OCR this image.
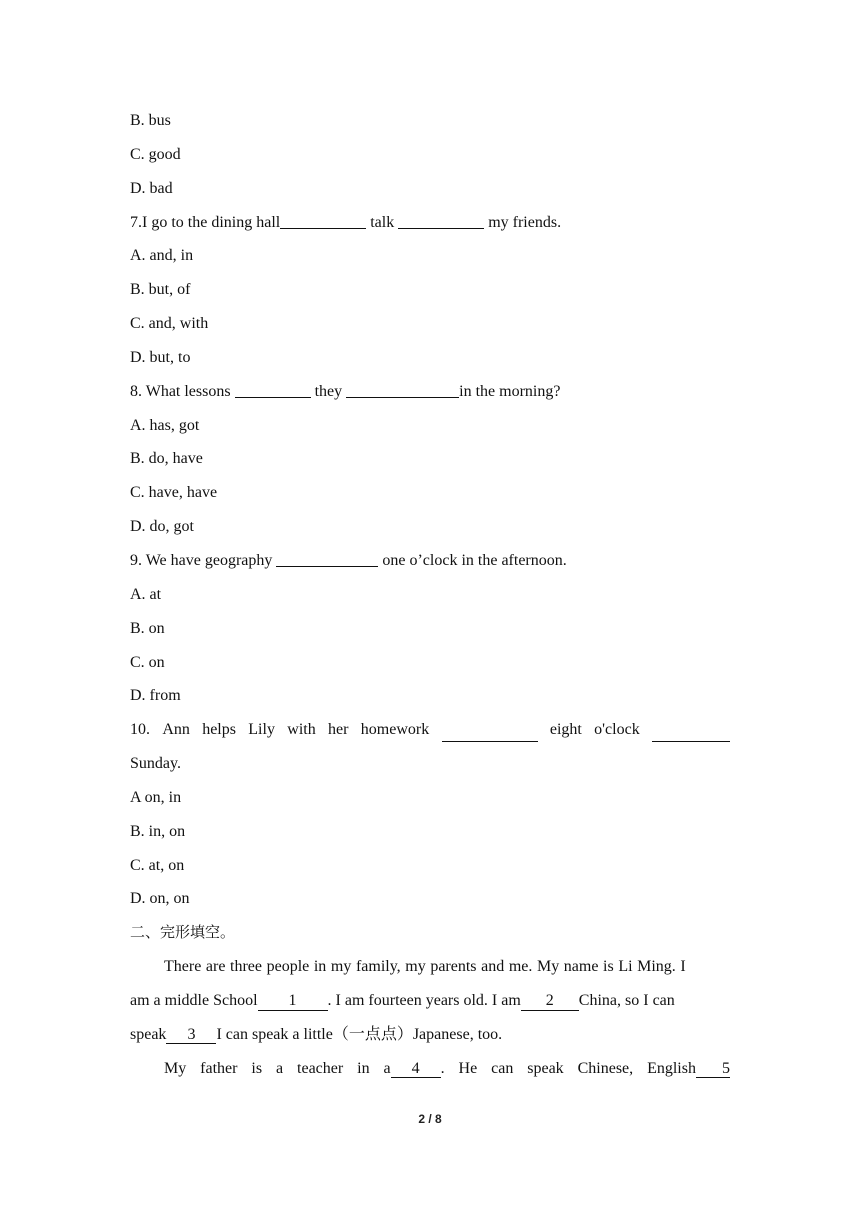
B. bus
C. good
D. bad
7.I go to the dining hall	talk	my friends.
A. and, in
B. but, of
C. and, with
D. but, to
8. What lessons	they	in the morning?
A. has, got
B. do, have
C. have, have
D. do, got
9. We have geography	one o’clock in the afternoon.
A. at
B. on
C. on
D. from
10. Ann helps Lily with her homework	eight o'clock
Sunday.
A on, in
B. in, on
C. at, on
D. on, on
二、完形填空。
There are three people in my family, my parents and me. My name is Li Ming. I
am a middle School 1 . I am fourteen years old. I am 2 China, so I can
speak 3 I can speak a little（一点点）Japanese, too.
My father is a teacher in a 4 . He can speak Chinese, English 5
2 / 8
